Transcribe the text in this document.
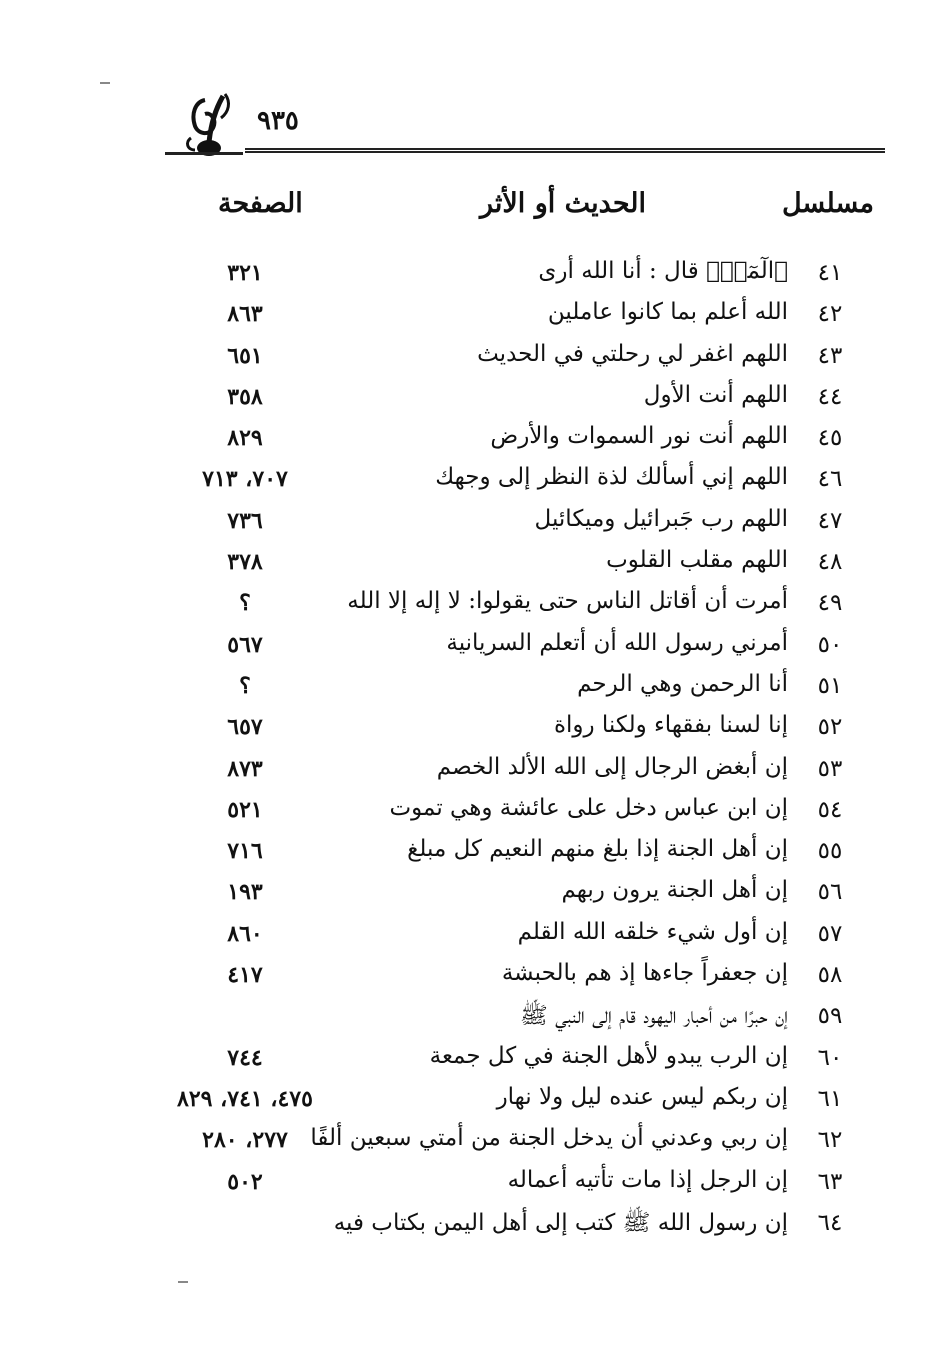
٩٣٥
مسلسل
الحديث أو الأثر
الصفحة
٤١
﴿الٓمٓرۚ﴾ قال : أنا الله أرى
٣٢١
٤٢
الله أعلم بما كانوا عاملين
٨٦٣
٤٣
اللهم اغفر لي رحلتي في الحديث
٦٥١
٤٤
اللهم أنت الأول
٣٥٨
٤٥
اللهم أنت نور السموات والأرض
٨٢٩
٤٦
اللهم إني أسألك لذة النظر إلى وجهك
٧٠٧، ٧١٣
٤٧
اللهم رب جَبرائيل وميكائيل
٧٣٦
٤٨
اللهم مقلب القلوب
٣٧٨
٤٩
أمرت أن أقاتل الناس حتى يقولوا: لا إله إلا الله
؟
٥٠
أمرني رسول الله أن أتعلم السريانية
٥٦٧
٥١
أنا الرحمن وهي الرحم
؟
٥٢
إنا لسنا بفقهاء ولكنا رواة
٦٥٧
٥٣
إن أبغض الرجال إلى الله الألد الخصم
٨٧٣
٥٤
إن ابن عباس دخل على عائشة وهي تموت
٥٢١
٥٥
إن أهل الجنة إذا بلغ منهم النعيم كل مبلغ
٧١٦
٥٦
إن أهل الجنة يرون ربهم
١٩٣
٥٧
إن أول شيء خلقه الله القلم
٨٦٠
٥٨
إن جعفراً جاءها إذ هم بالحبشة
٤١٧
٥٩
إن حبرًا من أحبار اليهود قام إلى النبي ﷺ
٦٠
إن الرب يبدو لأهل الجنة في كل جمعة
٧٤٤
٦١
إن ربكم ليس عنده ليل ولا نهار
٤٧٥، ٧٤١، ٨٢٩
٦٢
إن ربي وعدني أن يدخل الجنة من أمتي سبعين ألفًا
٢٧٧، ٢٨٠
٦٣
إن الرجل إذا مات تأتيه أعماله
٥٠٢
٦٤
إن رسول الله ﷺ كتب إلى أهل اليمن بكتاب فيه
